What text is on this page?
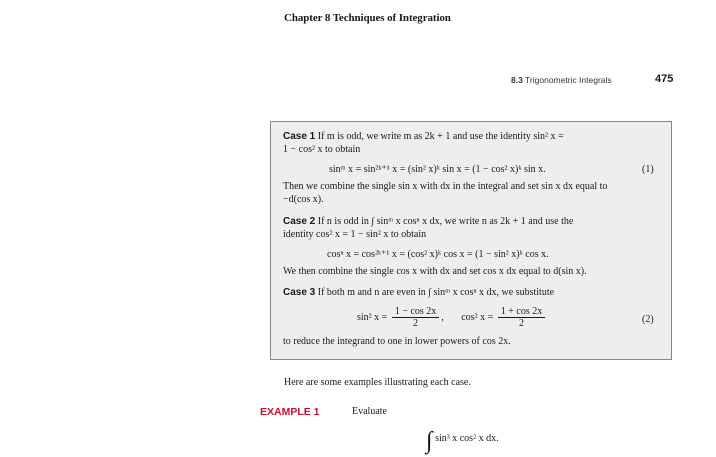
Chapter 8 Techniques of Integration
8.3 Trigonometric Integrals	475
Case 1 If m is odd, we write m as 2k + 1 and use the identity sin² x =
1 − cos² x to obtain
sinᵐ x = sin²ᵏ⁺¹ x = (sin² x)ᵏ sin x = (1 − cos² x)ᵏ sin x.	(1)
Then we combine the single sin x with dx in the integral and set sin x dx equal to
−d(cos x).
Case 2 If n is odd in ∫ sinᵐ x cosⁿ x dx, we write n as 2k + 1 and use the
identity cos² x = 1 − sin² x to obtain
cosⁿ x = cos²ᵏ⁺¹ x = (cos² x)ᵏ cos x = (1 − sin² x)ᵏ cos x.
We then combine the single cos x with dx and set cos x dx equal to d(sin x).
Case 3 If both m and n are even in ∫ sinᵐ x cosⁿ x dx, we substitute
sin² $x = \frac{1 - \cos 2x}{2}$ ,       cos² $x = \frac{1 + \cos 2x}{2}$	(2)
to reduce the integrand to one in lower powers of cos 2x.
Here are some examples illustrating each case.
EXAMPLE 1	Evaluate
∫ sin³ x cos² x dx.
